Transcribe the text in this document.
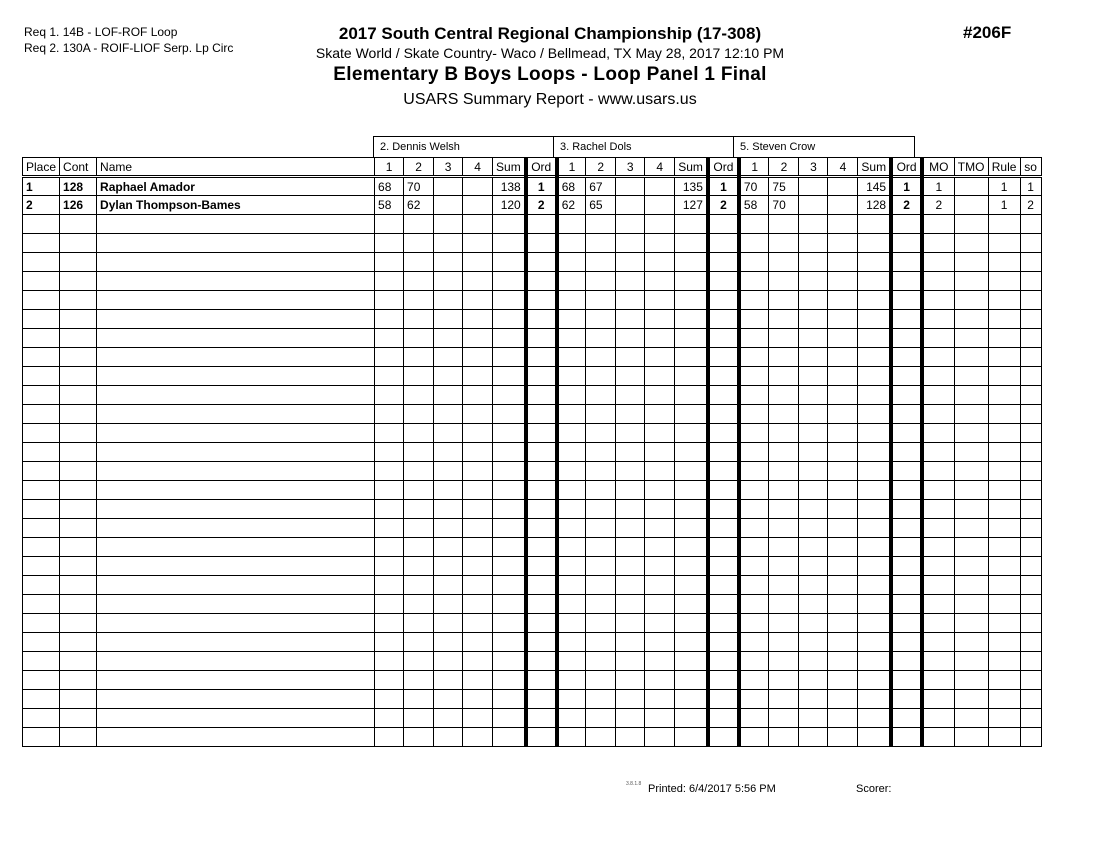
Req 1. 14B - LOF-ROF Loop
Req 2. 130A - ROIF-LIOF Serp. Lp Circ
2017 South Central Regional Championship (17-308)
Skate World / Skate Country- Waco / Bellmead, TX May 28, 2017 12:10 PM
Elementary B Boys Loops - Loop Panel 1 Final
USARS Summary Report - www.usars.us
#206F
2. Dennis Welsh	3. Rachel Dols	5. Steven Crow
Place	Cont	Name	1	2	3	4	Sum	Ord	1	2	3	4	Sum	Ord	1	2	3	4	Sum	Ord	MO	TMO	Rule	so
1	128	Raphael Amador	68	70			138	1	68	67			135	1	70	75			145	1	1		1	1
2	126	Dylan Thompson-Bames	58	62			120	2	62	65			127	2	58	70			128	2	2		1	2

3.8.1.8 Printed: 6/4/2017 5:56 PM	Scorer:
